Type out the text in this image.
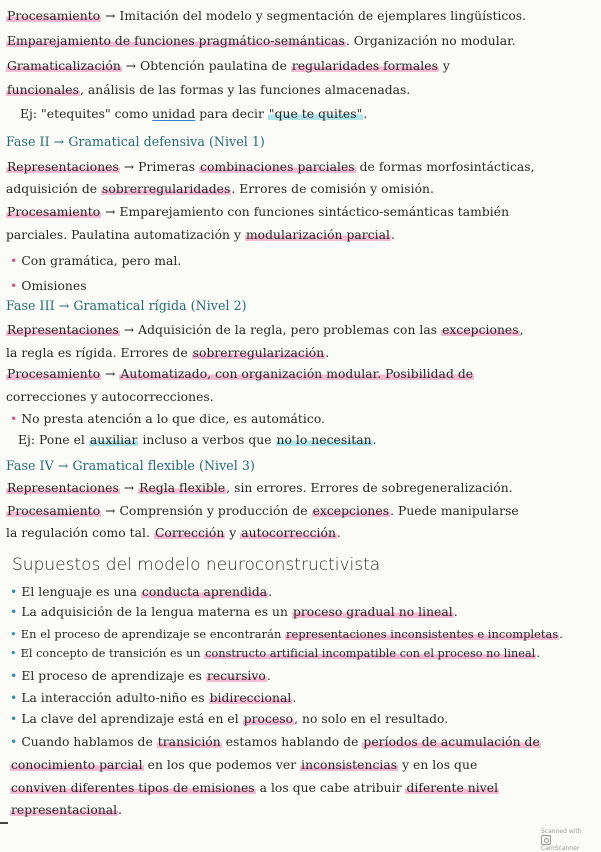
Procesamiento → Imitación del modelo y segmentación de ejemplares lingüísticos.
Emparejamiento de funciones pragmático-semánticas. Organización no modular.
Gramaticalización → Obtención paulatina de regularidades formales y
funcionales, análisis de las formas y las funciones almacenadas.
Ej: "etequites" como unidad para decir "que te quites".
Fase II → Gramatical defensiva (Nivel 1)
Representaciones → Primeras combinaciones parciales de formas morfosintácticas,
adquisición de sobrerregularidades. Errores de comisión y omisión.
Procesamiento → Emparejamiento con funciones sintáctico-semánticas también
parciales. Paulatina automatización y modularización parcial.
• Con gramática, pero mal.
• Omisiones
Fase III → Gramatical rígida (Nivel 2)
Representaciones → Adquisición de la regla, pero problemas con las excepciones,
la regla es rígida. Errores de sobrerregularización.
Procesamiento → Automatizado, con organización modular. Posibilidad de
correcciones y autocorrecciones.
• No presta atención a lo que dice, es automático.
Ej: Pone el auxiliar incluso a verbos que no lo necesitan.
Fase IV → Gramatical flexible (Nivel 3)
Representaciones → Regla flexible, sin errores. Errores de sobregeneralización.
Procesamiento → Comprensión y producción de excepciones. Puede manipularse
la regulación como tal. Corrección y autocorrección.
Supuestos del modelo neuroconstructivista
• El lenguaje es una conducta aprendida.
• La adquisición de la lengua materna es un proceso gradual no lineal.
• En el proceso de aprendizaje se encontrarán representaciones inconsistentes e incompletas.
• El concepto de transición es un constructo artificial incompatible con el proceso no lineal.
• El proceso de aprendizaje es recursivo.
• La interacción adulto-niño es bidireccional.
• La clave del aprendizaje está en el proceso, no solo en el resultado.
• Cuando hablamos de transición estamos hablando de períodos de acumulación de
conocimiento parcial en los que podemos ver inconsistencias y en los que
conviven diferentes tipos de emisiones a los que cabe atribuir diferente nivel
representacional.
Scanned with
CamScanner
